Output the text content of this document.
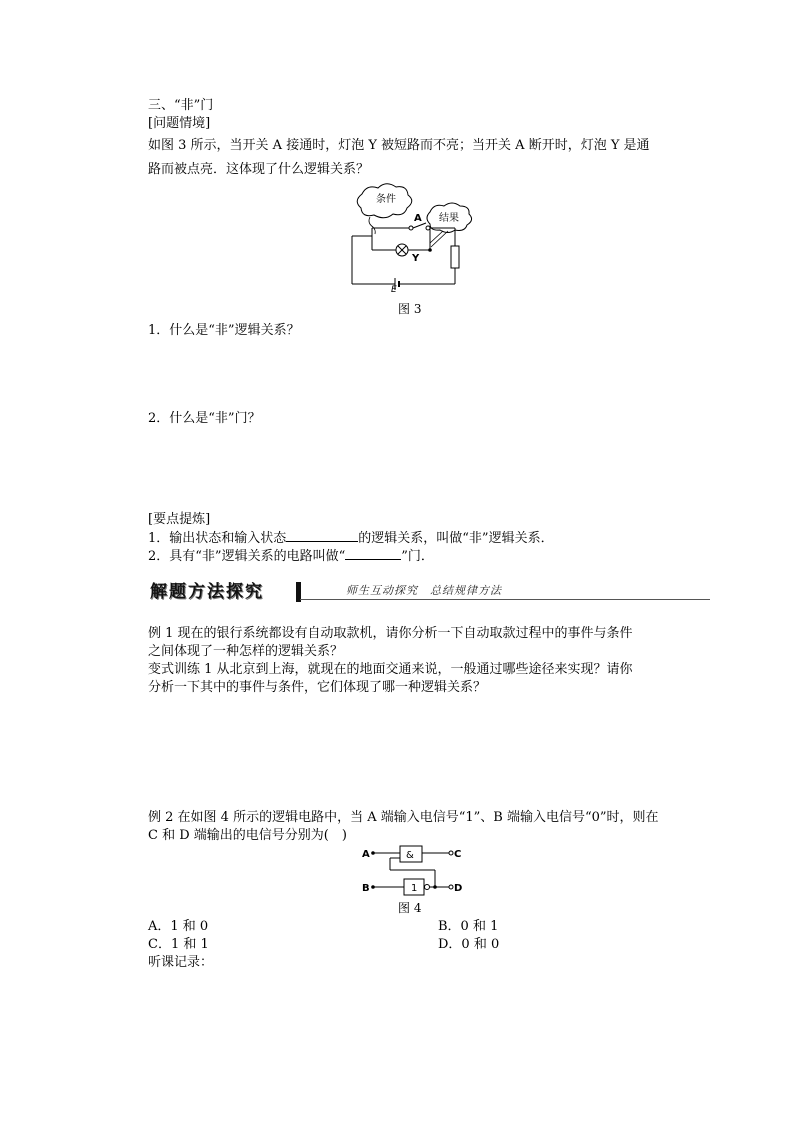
三、“非”门
[问题情境]
如图 3 所示，当开关 A 接通时，灯泡 Y 被短路而不亮；当开关 A 断开时，灯泡 Y 是通
路而被点亮．这体现了什么逻辑关系？
条件
结果
A
Y
E
图 3
1．什么是“非”逻辑关系？
2．什么是“非”门？
[要点提炼]
1．输出状态和输入状态	的逻辑关系，叫做“非”逻辑关系．
2．具有“非”逻辑关系的电路叫做“	”门．
解题方法探究	师生互动探究　总结规律方法
例 1 现在的银行系统都设有自动取款机，请你分析一下自动取款过程中的事件与条件
之间体现了一种怎样的逻辑关系？
变式训练 1 从北京到上海，就现在的地面交通来说，一般通过哪些途径来实现？请你
分析一下其中的事件与条件，它们体现了哪一种逻辑关系？
例 2 在如图 4 所示的逻辑电路中，当 A 端输入电信号“1”、B 端输入电信号“0”时，则在
C 和 D 端输出的电信号分别为(　)
A	&	C
B	1	D
图 4
A．1 和 0	B．0 和 1
C．1 和 1	D．0 和 0
听课记录：
